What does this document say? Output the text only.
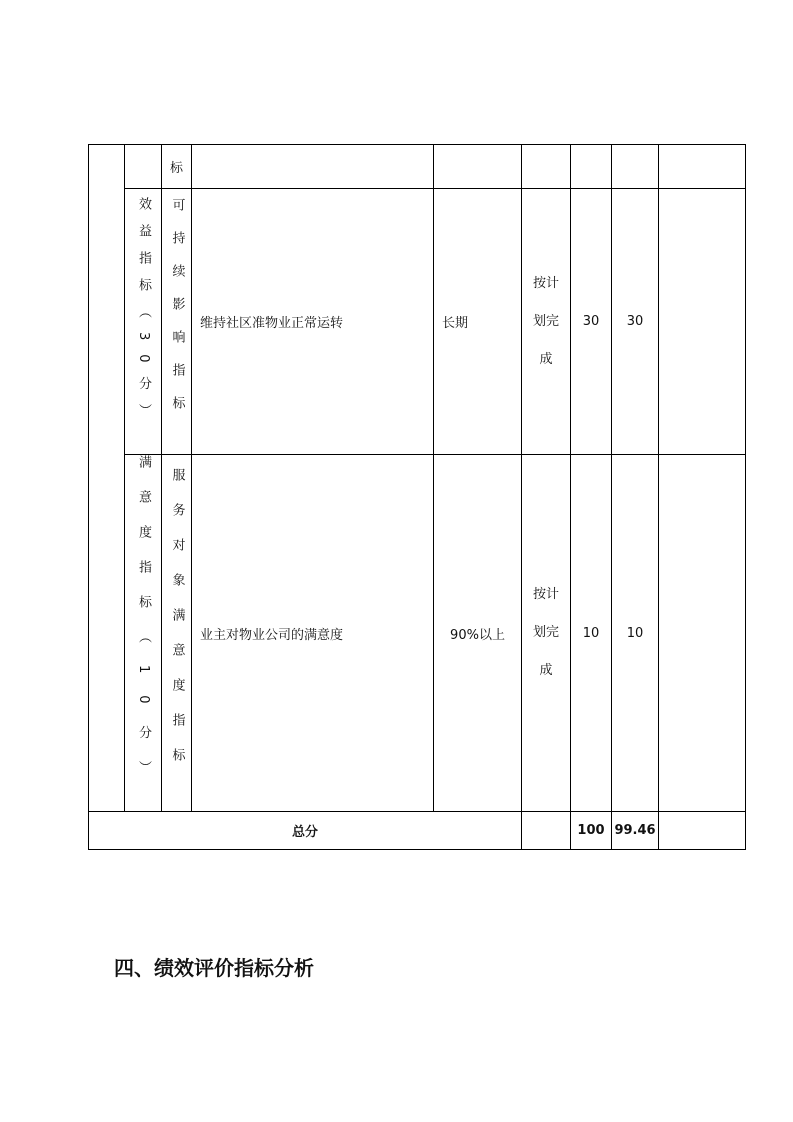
		标						
	效益指标（30分）	可持续影响指标	维持社区准物业正常运转	长期	按计划完成	30	30	
	满意度指标（10分）	服务对象满意度指标	业主对物业公司的满意度	90%以上	按计划完成	10	10	
总分						100	99.46	
四、绩效评价指标分析
